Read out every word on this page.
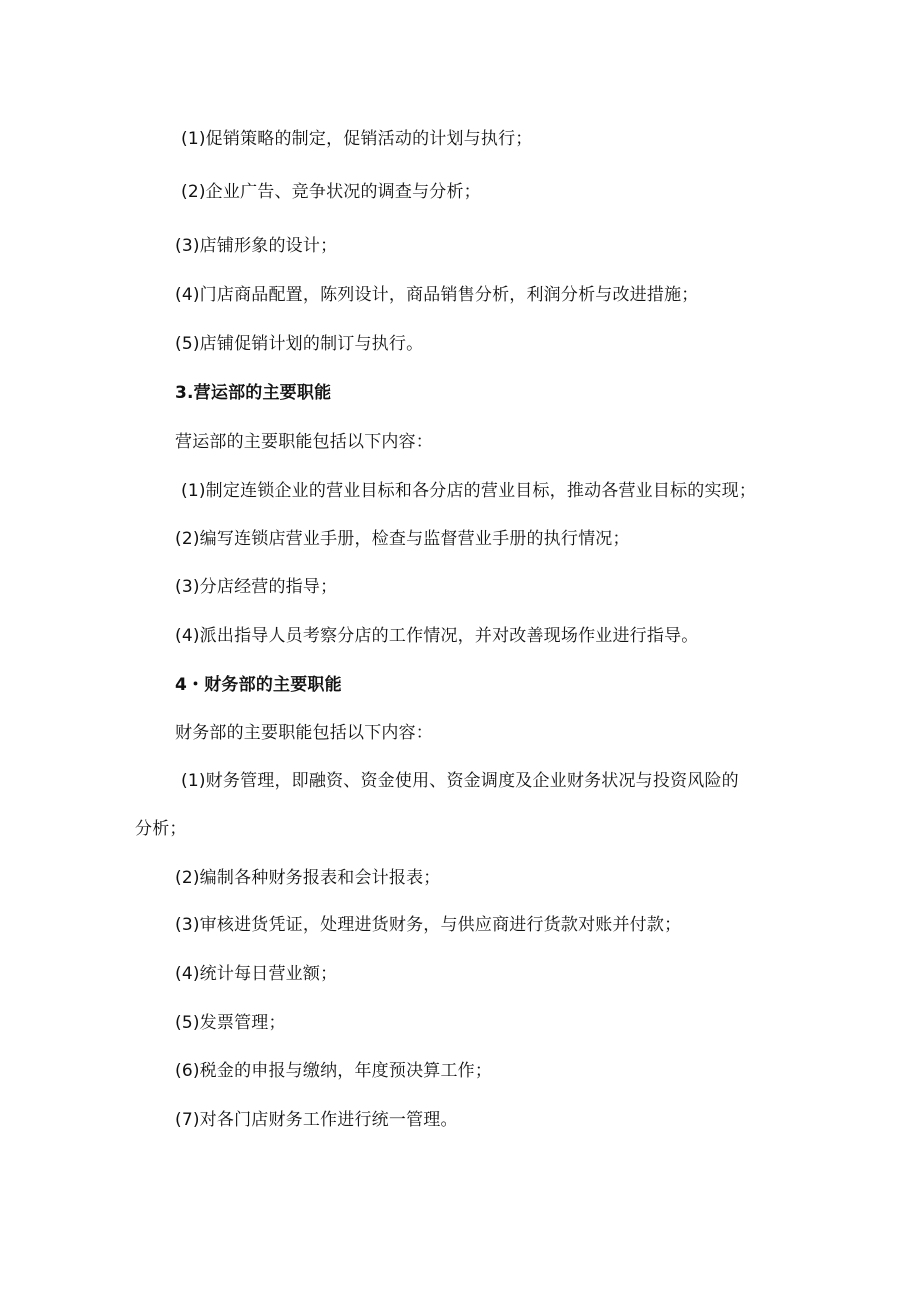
(1)促销策略的制定，促销活动的计划与执行；
(2)企业广告、竞争状况的调查与分析；
(3)店铺形象的设计；
(4)门店商品配置，陈列设计，商品销售分析，利润分析与改进措施；
(5)店铺促销计划的制订与执行。
3.营运部的主要职能
营运部的主要职能包括以下内容：
(1)制定连锁企业的营业目标和各分店的营业目标，推动各营业目标的实现；
(2)编写连锁店营业手册，检查与监督营业手册的执行情况；
(3)分店经营的指导；
(4)派出指导人员考察分店的工作情况，并对改善现场作业进行指导。
4・财务部的主要职能
财务部的主要职能包括以下内容：
(1)财务管理，即融资、资金使用、资金调度及企业财务状况与投资风险的
分析；
(2)编制各种财务报表和会计报表；
(3)审核进货凭证，处理进货财务，与供应商进行货款对账并付款；
(4)统计每日营业额；
(5)发票管理；
(6)税金的申报与缴纳，年度预决算工作；
(7)对各门店财务工作进行统一管理。
